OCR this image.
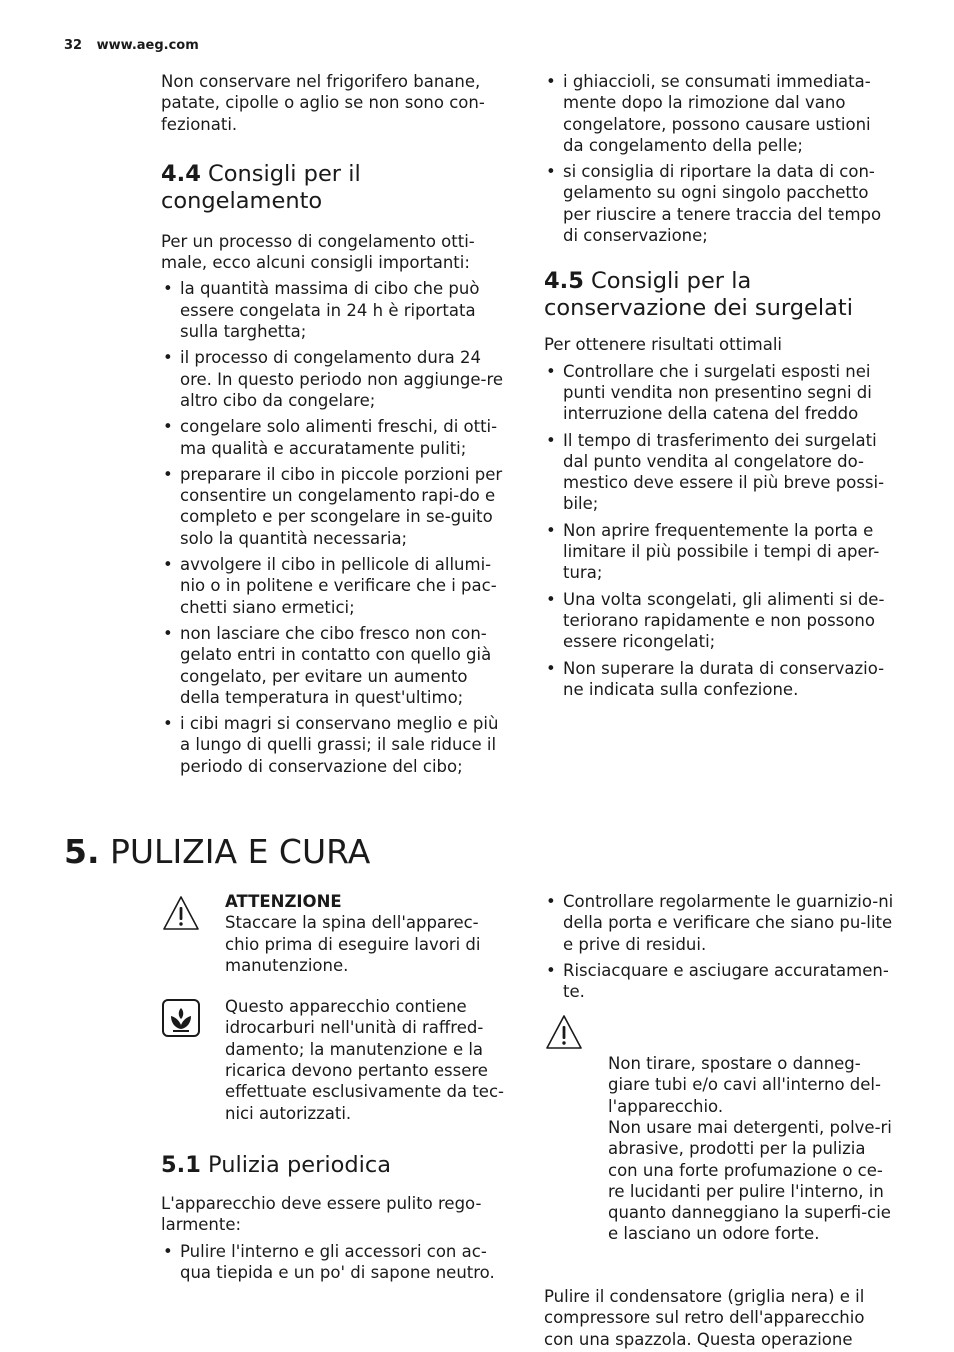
32 www.aeg.com

Non conservare nel frigorifero banane, patate, cipolle o aglio se non sono con-fezionati.

4.4 Consigli per il congelamento

Per un processo di congelamento otti-male, ecco alcuni consigli importanti:

• la quantità massima di cibo che può essere congelata in 24 h è riportata sulla targhetta;
• il processo di congelamento dura 24 ore. In questo periodo non aggiunge-re altro cibo da congelare;
• congelare solo alimenti freschi, di otti-ma qualità e accuratamente puliti;
• preparare il cibo in piccole porzioni per consentire un congelamento rapi-do e completo e per scongelare in se-guito solo la quantità necessaria;
• avvolgere il cibo in pellicole di allumi-nio o in politene e verificare che i pac-chetti siano ermetici;
• non lasciare che cibo fresco non con-gelato entri in contatto con quello già congelato, per evitare un aumento della temperatura in quest'ultimo;
• i cibi magri si conservano meglio e più a lungo di quelli grassi; il sale riduce il periodo di conservazione del cibo;
• i ghiaccioli, se consumati immediata-mente dopo la rimozione dal vano congelatore, possono causare ustioni da congelamento della pelle;
• si consiglia di riportare la data di con-gelamento su ogni singolo pacchetto per riuscire a tenere traccia del tempo di conservazione;
4.5 Consigli per la conservazione dei surgelati

Per ottenere risultati ottimali

• Controllare che i surgelati esposti nei punti vendita non presentino segni di interruzione della catena del freddo
• Il tempo di trasferimento dei surgelati dal punto vendita al congelatore do-mestico deve essere il più breve possi-bile;
• Non aprire frequentemente la porta e limitare il più possibile i tempi di aper-tura;
• Una volta scongelati, gli alimenti si de-teriorano rapidamente e non possono essere ricongelati;
• Non superare la durata di conservazio-ne indicata sulla confezione.
5. PULIZIA E CURA
ATTENZIONE
Staccare la spina dell'apparec-chio prima di eseguire lavori di manutenzione.
Questo apparecchio contiene idrocarburi nell'unità di raffred-damento; la manutenzione e la ricarica devono pertanto essere effettuate esclusivamente da tec-nici autorizzati.
5.1 Pulizia periodica

L'apparecchio deve essere pulito rego-larmente:

• Pulire l'interno e gli accessori con ac-qua tiepida e un po' di sapone neutro.
• Controllare regolarmente le guarnizio-ni della porta e verificare che siano pu-lite e prive di residui.
• Risciacquare e asciugare accuratamen-te.

Non tirare, spostare o danneg-giare tubi e/o cavi all'interno del-l'apparecchio.
Non usare mai detergenti, polve-ri abrasive, prodotti per la pulizia con una forte profumazione o ce-re lucidanti per pulire l'interno, in quanto danneggiano la superfi-cie e lasciano un odore forte.

Pulire il condensatore (griglia nera) e il compressore sul retro dell'apparecchio con una spazzola. Questa operazione
